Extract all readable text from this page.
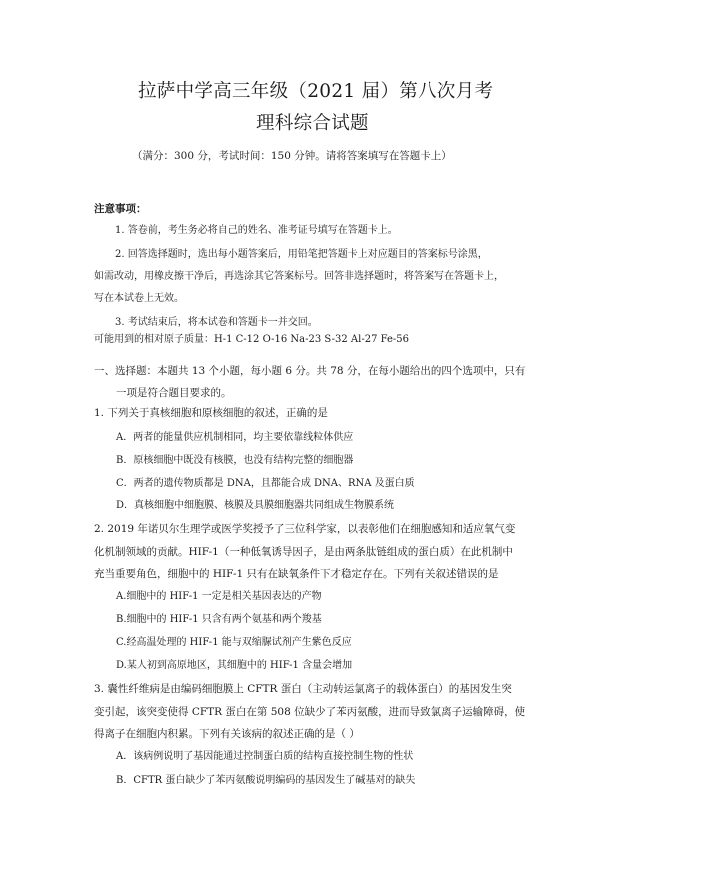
拉萨中学高三年级（2021 届）第八次月考
理科综合试题
（满分：300 分，考试时间：150 分钟。请将答案填写在答题卡上）
注意事项：
1. 答卷前，考生务必将自己的姓名、准考证号填写在答题卡上。
2. 回答选择题时，选出每小题答案后，用铅笔把答题卡上对应题目的答案标号涂黑，
如需改动，用橡皮擦干净后，再选涂其它答案标号。回答非选择题时，将答案写在答题卡上，
写在本试卷上无效。
3. 考试结束后，将本试卷和答题卡一并交回。
可能用到的相对原子质量：H-1 C-12 O-16 Na-23 S-32 Al-27 Fe-56
一、选择题：本题共 13 个小题，每小题 6 分。共 78 分，在每小题给出的四个选项中，只有
一项是符合题目要求的。
1. 下列关于真核细胞和原核细胞的叙述，正确的是
A．两者的能量供应机制相同，均主要依靠线粒体供应
B．原核细胞中既没有核膜，也没有结构完整的细胞器
C．两者的遗传物质都是 DNA，且都能合成 DNA、RNA 及蛋白质
D．真核细胞中细胞膜、核膜及具膜细胞器共同组成生物膜系统
2. 2019 年诺贝尔生理学或医学奖授予了三位科学家，以表彰他们在细胞感知和适应氧气变
化机制领域的贡献。HIF-1（一种低氧诱导因子，是由两条肽链组成的蛋白质）在此机制中
充当重要角色，细胞中的 HIF-1 只有在缺氧条件下才稳定存在。下列有关叙述错误的是
A.细胞中的 HIF-1 一定是相关基因表达的产物
B.细胞中的 HIF-1 只含有两个氨基和两个羧基
C.经高温处理的 HIF-1 能与双缩脲试剂产生紫色反应
D.某人初到高原地区，其细胞中的 HIF-1 含量会增加
3. 囊性纤维病是由编码细胞膜上 CFTR 蛋白（主动转运氯离子的载体蛋白）的基因发生突
变引起，该突变使得 CFTR 蛋白在第 508 位缺少了苯丙氨酸，进而导致氯离子运输障碍，使
得离子在细胞内积累。下列有关该病的叙述正确的是（ ）
A．该病例说明了基因能通过控制蛋白质的结构直接控制生物的性状
B．CFTR 蛋白缺少了苯丙氨酸说明编码的基因发生了碱基对的缺失
